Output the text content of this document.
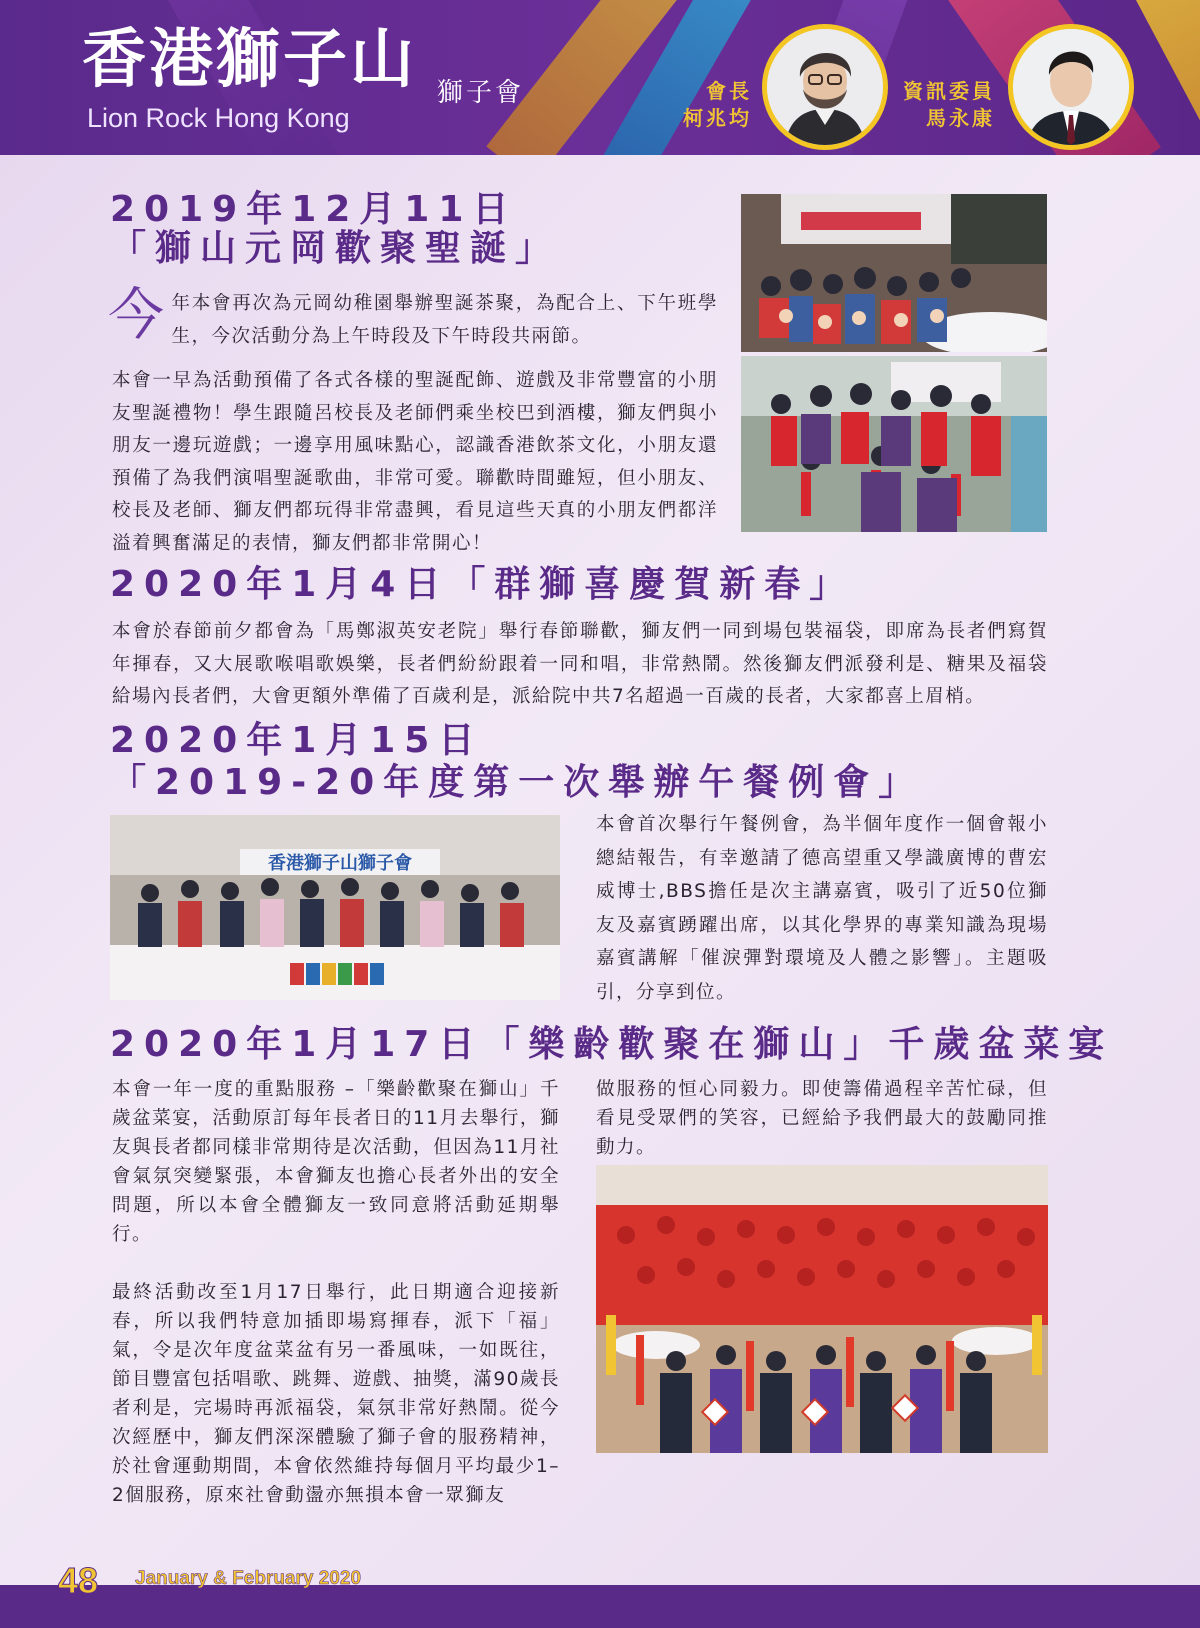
香港獅子山 獅子會
Lion Rock Hong Kong
會長
柯兆均
資訊委員
馬永康
2019年12月11日
「獅山元岡歡聚聖誕」
今 年本會再次為元岡幼稚園舉辦聖誕茶聚，為配合上、下午班學生，今次活動分為上午時段及下午時段共兩節。

本會一早為活動預備了各式各樣的聖誕配飾、遊戲及非常豐富的小朋友聖誕禮物！學生跟隨呂校長及老師們乘坐校巴到酒樓，獅友們與小朋友一邊玩遊戲；一邊享用風味點心，認識香港飲茶文化，小朋友還預備了為我們演唱聖誕歌曲，非常可愛。聯歡時間雖短，但小朋友、校長及老師、獅友們都玩得非常盡興，看見這些天真的小朋友們都洋溢着興奮滿足的表情，獅友們都非常開心！

2020年1月4日「群獅喜慶賀新春」

本會於春節前夕都會為「馬鄭淑英安老院」舉行春節聯歡，獅友們一同到場包裝福袋，即席為長者們寫賀年揮春，又大展歌喉唱歌娛樂，長者們紛紛跟着一同和唱，非常熱鬧。然後獅友們派發利是、糖果及福袋給場內長者們，大會更額外準備了百歲利是，派給院中共7名超過一百歲的長者，大家都喜上眉梢。

2020年1月15日
「2019-20年度第一次舉辦午餐例會」
香港獅子山獅子會

本會首次舉行午餐例會，為半個年度作一個會報小總結報告，有幸邀請了德高望重又學識廣博的曹宏威博士,BBS擔任是次主講嘉賓，吸引了近50位獅友及嘉賓踴躍出席，以其化學界的專業知識為現場嘉賓講解「催淚彈對環境及人體之影響」。主題吸引，分享到位。

2020年1月17日「樂齡歡聚在獅山」千歲盆菜宴

本會一年一度的重點服務 –「樂齡歡聚在獅山」千歲盆菜宴，活動原訂每年長者日的11月去舉行，獅友與長者都同樣非常期待是次活動，但因為11月社會氣氛突變緊張，本會獅友也擔心長者外出的安全問題，所以本會全體獅友一致同意將活動延期舉行。

最終活動改至1月17日舉行，此日期適合迎接新春，所以我們特意加插即場寫揮春，派下「福」氣，令是次年度盆菜盆有另一番風味，一如既往，節目豐富包括唱歌、跳舞、遊戲、抽獎，滿90歲長者利是，完場時再派福袋，氣氛非常好熱鬧。從今次經歷中，獅友們深深體驗了獅子會的服務精神，於社會運動期間，本會依然維持每個月平均最少1–2個服務，原來社會動盪亦無損本會一眾獅友

做服務的恒心同毅力。即使籌備過程辛苦忙碌，但看見受眾們的笑容，已經給予我們最大的鼓勵同推動力。

48 January & February 2020
